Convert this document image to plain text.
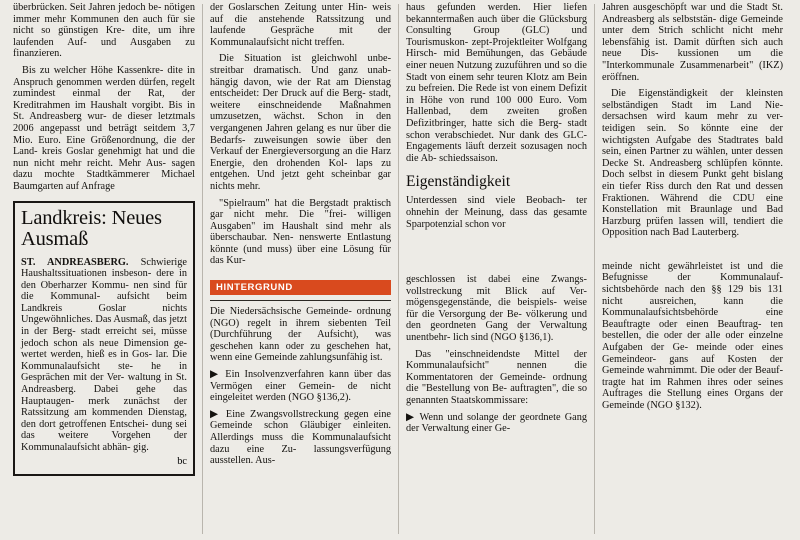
überbrücken. Seit Jahren jedoch be- nötigen immer mehr Kommunen den auch für sie nicht so günstigen Kre- dite, um ihre laufenden Auf- und Ausgaben zu finanzieren.

Bis zu welcher Höhe Kassenkre- dite in Anspruch genommen werden dürfen, regelt zumindest einmal der Rat, der Kreditrahmen im Haushalt vorgibt. Bis in St. Andreasberg wur- de dieser letztmals 2006 angepasst und beträgt seitdem 3,7 Mio. Euro. Eine Größenordnung, die der Land- kreis Goslar genehmigt hat und die nun nicht mehr reicht. Mehr Aus- sagen dazu mochte Stadtkämmerer Michael Baumgarten auf Anfrage

Landkreis: Neues Ausmaß

ST. ANDREASBERG. Schwierige Haushaltssituationen insbeson- dere in den Oberharzer Kommu- nen sind für die Kommunal- aufsicht beim Landkreis Goslar nichts Ungewöhnliches. Das Ausmaß, das jetzt in der Berg- stadt erreicht sei, müsse jedoch schon als neue Dimension ge- wertet werden, hieß es in Gos- lar. Die Kommunalaufsicht ste- he in Gesprächen mit der Ver- waltung in St. Andreasberg. Dabei gehe das Hauptaugen- merk zunächst der Ratssitzung am kommenden Dienstag, den dort getroffenen Entschei- dung sei das weitere Vorgehen der Kommunalaufsicht abhän- gig.

bc

der Goslarschen Zeitung unter Hin- weis auf die anstehende Ratssitzung und laufende Gespräche mit der Kommunalaufsicht nicht treffen.

Die Situation ist gleichwohl unbe- streitbar dramatisch. Und ganz unab- hängig davon, wie der Rat am Dienstag entscheidet: Der Druck auf die Berg- stadt, weitere einschneidende Maßnahmen umzusetzen, wächst. Schon in den vergangenen Jahren gelang es nur über die Bedarfs- zuweisungen sowie über den Verkauf der Energieversorgung an die Harz Energie, den drohenden Kol- laps zu entgehen. Und jetzt geht scheinbar gar nichts mehr.

"Spielraum" hat die Bergstadt praktisch gar nicht mehr. Die "frei- willigen Ausgaben" im Haushalt sind mehr als überschaubar. Nen- nenswerte Entlastung könnte (und muss) über eine Lösung für das Kur-

HINTERGRUND

Die Niedersächsische Gemeinde- ordnung (NGO) regelt in ihrem siebenten Teil (Durchführung der Aufsicht), was geschehen kann oder zu geschehen hat, wenn eine Gemeinde zahlungsunfähig ist.

▶ Ein Insolvenzverfahren kann über das Vermögen einer Gemein- de nicht eingeleitet werden (NGO §136,2).

▶ Eine Zwangsvollstreckung gegen eine Gemeinde schon Gläubiger einleiten. Allerdings muss die Kommunalaufsicht dazu eine Zu- lassungsverfügung ausstellen. Aus-

haus gefunden werden. Hier liefen bekanntermaßen auch über die Glücksburg Consulting Group (GLC) und Tourismuskon- zept-Projektleiter Wolfgang Hirsch- mid Bemühungen, das Gebäude einer neuen Nutzung zuzuführen und so die Stadt von einem sehr teuren Klotz am Bein zu befreien. Die Rede ist von einem Defizit in Höhe von rund 100 000 Euro. Vom Hallenbad, dem zweiten großen Defizitbringer, hatte sich die Berg- stadt schon verabschiedet. Nur dank des GLC-Engagements läuft derzeit sozusagen noch die Ab- schiedssaison.

Eigenständigkeit

Unterdessen sind viele Beobach- ter ohnehin der Meinung, dass das gesamte Sparpotenzial schon vor

geschlossen ist dabei eine Zwangs- vollstreckung mit Blick auf Ver- mögensgegenstände, die beispiels- weise für die Versorgung der Be- völkerung und den geordneten Gang der Verwaltung unentbehr- lich sind (NGO §136,1).

Das "einschneidendste Mittel der Kommunalaufsicht" nennen die Kommentatoren der Gemeinde- ordnung die "Bestellung von Be- auftragten", die so genannten Staatskommissare:

▶ Wenn und solange der geordnete Gang der Verwaltung einer Ge-

Jahren ausgeschöpft war und die Stadt St. Andreasberg als selbststän- dige Gemeinde unter dem Strich schlicht nicht mehr lebensfähig ist. Damit dürften sich auch neue Dis- kussionen um die "Interkommunale Zusammenarbeit" (IKZ) eröffnen.

Die Eigenständigkeit der kleinsten selbständigen Stadt im Land Nie- dersachsen wird kaum mehr zu ver- teidigen sein. So könnte eine der wichtigsten Aufgabe des Stadtrates bald sein, einen Partner zu wählen, unter dessen Decke St. Andreasberg schlüpfen könnte. Doch selbst in diesem Punkt geht bislang ein tiefer Riss durch den Rat und dessen Fraktionen. Während die CDU eine Konstellation mit Braunlage und Bad Harzburg prüfen lassen will, tendiert die Opposition nach Bad Lauterberg.

meinde nicht gewährleistet ist und die Befugnisse der Kommunalauf- sichtsbehörde nach den §§ 129 bis 131 nicht ausreichen, kann die Kommunalaufsichtsbehörde eine Beauftragte oder einen Beauftrag- ten bestellen, die oder der alle oder einzelne Aufgaben der Ge- meinde oder eines Gemeindeor- gans auf Kosten der Gemeinde wahrnimmt. Die oder der Beauf- tragte hat im Rahmen ihres oder seines Auftrages die Stellung eines Organs der Gemeinde (NGO §132).
